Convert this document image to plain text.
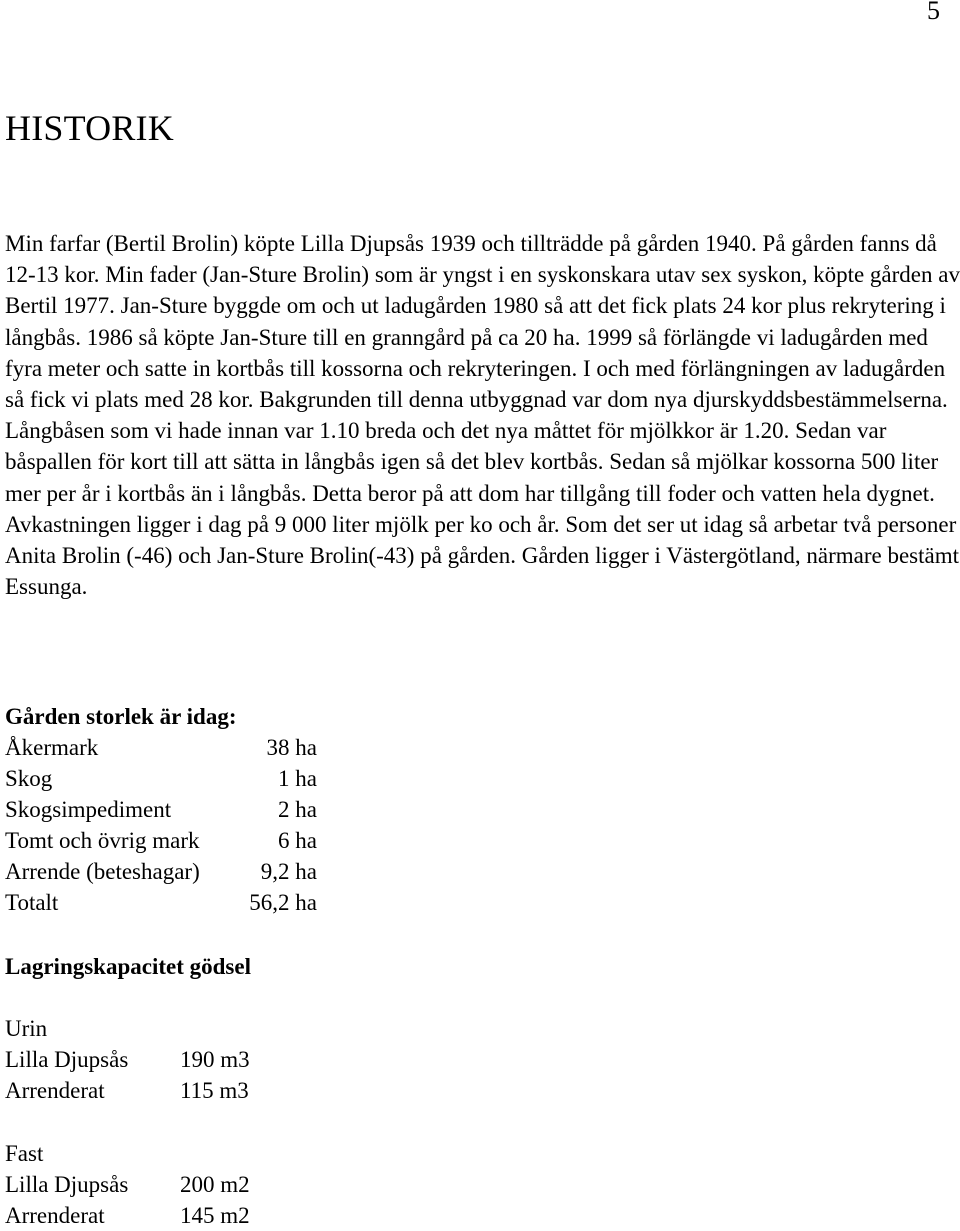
5
HISTORIK

Min farfar (Bertil Brolin) köpte Lilla Djupsås 1939 och tillträdde på gården 1940. På gården fanns då 12-13 kor. Min fader (Jan-Sture Brolin) som är yngst i en syskonskara utav sex syskon, köpte gården av Bertil 1977. Jan-Sture byggde om och ut ladugården 1980 så att det fick plats 24 kor plus rekrytering i långbås. 1986 så köpte Jan-Sture till en granngård på ca 20 ha. 1999 så förlängde vi ladugården med fyra meter och satte in kortbås till kossorna och rekryteringen. I och med förlängningen av ladugården så fick vi plats med 28 kor. Bakgrunden till denna utbyggnad var dom nya djurskyddsbestämmelserna. Långbåsen som vi hade innan var 1.10 breda och det nya måttet för mjölkkor är 1.20. Sedan var båspallen för kort till att sätta in långbås igen så det blev kortbås. Sedan så mjölkar kossorna 500 liter mer per år i kortbås än i långbås. Detta beror på att dom har tillgång till foder och vatten hela dygnet. Avkastningen ligger i dag på 9 000 liter mjölk per ko och år. Som det ser ut idag så arbetar två personer Anita Brolin (-46) och Jan-Sture Brolin(-43) på gården. Gården ligger i Västergötland, närmare bestämt Essunga.

Gården storlek är idag:
Åkermark	38 ha
Skog	1 ha
Skogsimpediment	2 ha
Tomt och övrig mark	6 ha
Arrende (beteshagar)	9,2 ha
Totalt	56,2 ha
Lagringskapacitet gödsel
Urin
Lilla Djupsås	190 m3
Arrenderat	115 m3
Fast
Lilla Djupsås	200 m2
Arrenderat	145 m2
